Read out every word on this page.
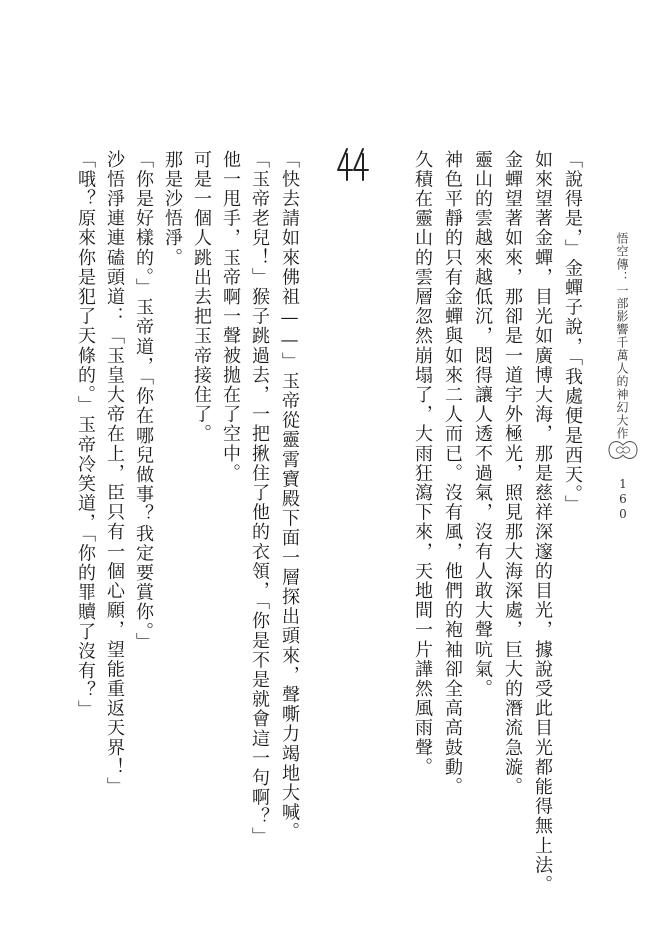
悟空傳：一部影響千萬人的神幻大作
160
「說得是，」金蟬子說，「我處便是西天。」
如來望著金蟬，目光如廣博大海，那是慈祥深邃的目光，據說受此目光都能得無上法。
金蟬望著如來，那卻是一道宇外極光，照見那大海深處，巨大的潛流急漩。
靈山的雲越來越低沉，悶得讓人透不過氣，沒有人敢大聲吭氣。
神色平靜的只有金蟬與如來二人而已。沒有風，他們的袍袖卻全高高鼓動。
久積在靈山的雲層忽然崩塌了，大雨狂瀉下來，天地間一片譁然風雨聲。
「快去請如來佛祖——」玉帝從靈霄寶殿下面一層探出頭來，聲嘶力竭地大喊。
「玉帝老兒！」猴子跳過去，一把揪住了他的衣領，「你是不是就會這一句啊？」
他一甩手，玉帝啊一聲被拋在了空中。
可是一個人跳出去把玉帝接住了。
那是沙悟淨。
「你是好樣的。」玉帝道，「你在哪兒做事？我定要賞你。」
沙悟淨連連磕頭道：「玉皇大帝在上，臣只有一個心願，望能重返天界！」
「哦？原來你是犯了天條的。」玉帝冷笑道，「你的罪贖了沒有？」
